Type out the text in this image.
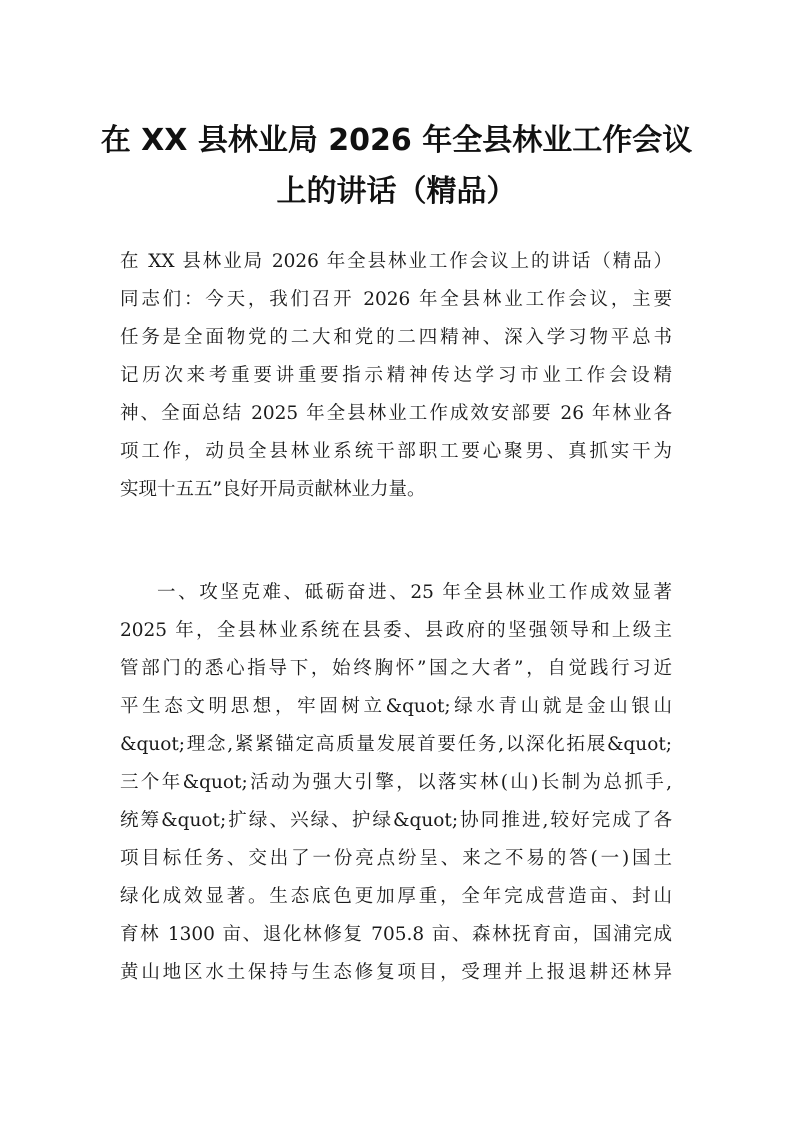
在 XX 县林业局 2026 年全县林业工作会议
上的讲话（精品）

在 XX 县林业局 2026 年全县林业工作会议上的讲话（精品）

同志们：今天，我们召开 2026 年全县林业工作会议，主要

任务是全面物党的二大和党的二四精神、深入学习物平总书

记历次来考重要讲重要指示精神传达学习市业工作会设精

神、全面总结 2025 年全县林业工作成效安部要 26 年林业各

项工作，动员全县林业系统干部职工要心聚男、真抓实干为

实现十五五”良好开局贡献林业力量。

一、攻坚克难、砥砺奋进、25 年全县林业工作成效显著

2025 年，全县林业系统在县委、县政府的坚强领导和上级主

管部门的悉心指导下，始终胸怀”国之大者”，自觉践行习近

平生态文明思想，牢固树立&quot;绿水青山就是金山银山

&quot;理念,紧紧锚定高质量发展首要任务,以深化拓展&quot;

三个年&quot;活动为强大引擎，以落实林(山)长制为总抓手,

统筹&quot;扩绿、兴绿、护绿&quot;协同推进,较好完成了各

项目标任务、交出了一份亮点纷呈、来之不易的答(一)国土

绿化成效显著。生态底色更加厚重，全年完成营造亩、封山

育林 1300 亩、退化林修复 705.8 亩、森林抚育亩，国浦完成

黄山地区水土保持与生态修复项目，受理并上报退耕还林异
